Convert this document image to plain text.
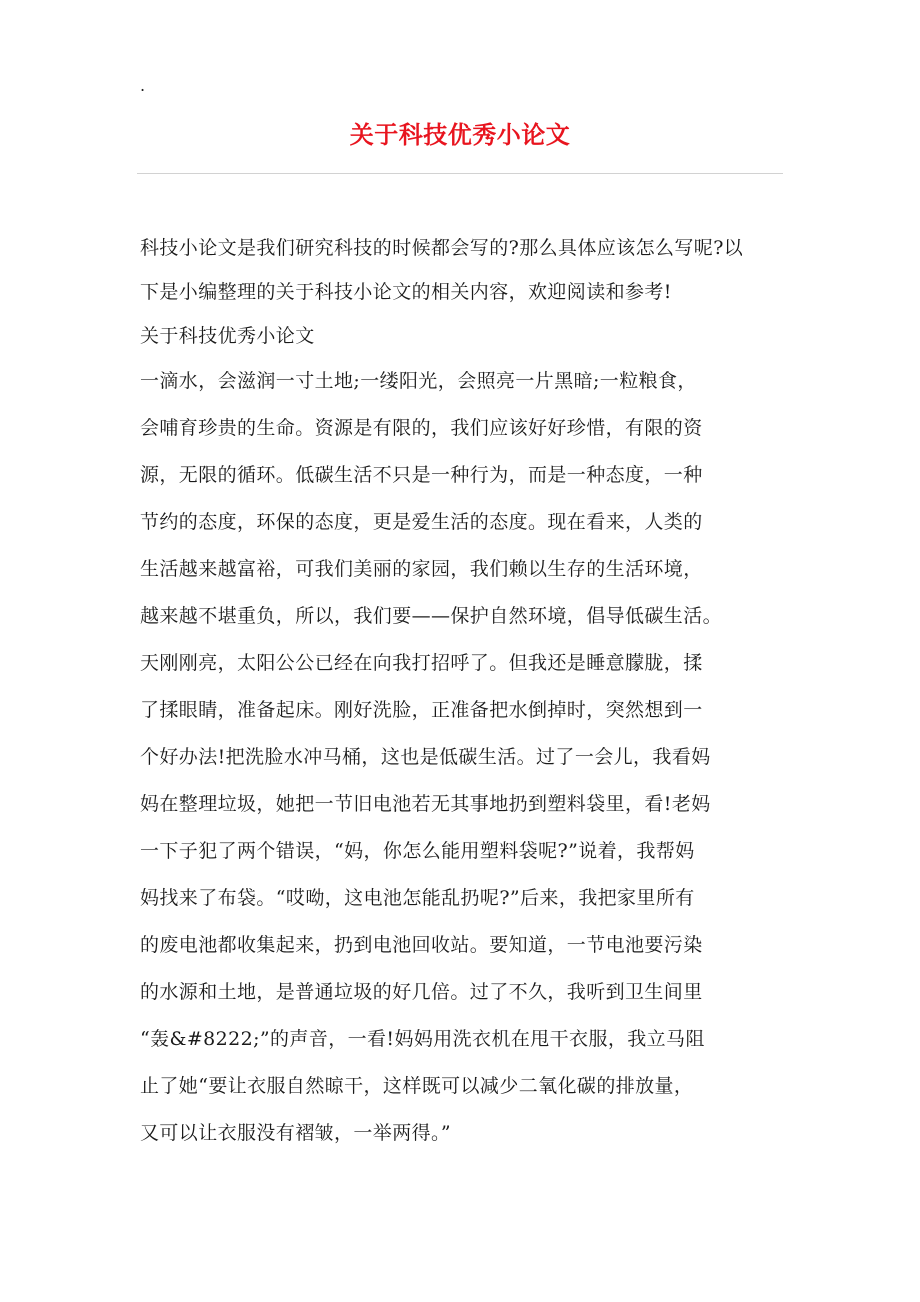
.
关于科技优秀小论文
科技小论文是我们研究科技的时候都会写的?那么具体应该怎么写呢?以
下是小编整理的关于科技小论文的相关内容，欢迎阅读和参考!
关于科技优秀小论文
一滴水，会滋润一寸土地;一缕阳光，会照亮一片黑暗;一粒粮食，
会哺育珍贵的生命。资源是有限的，我们应该好好珍惜，有限的资
源，无限的循环。低碳生活不只是一种行为，而是一种态度，一种
节约的态度，环保的态度，更是爱生活的态度。现在看来，人类的
生活越来越富裕，可我们美丽的家园，我们赖以生存的生活环境，
越来越不堪重负，所以，我们要——保护自然环境，倡导低碳生活。
天刚刚亮，太阳公公已经在向我打招呼了。但我还是睡意朦胧，揉
了揉眼睛，准备起床。刚好洗脸，正准备把水倒掉时，突然想到一
个好办法!把洗脸水冲马桶，这也是低碳生活。过了一会儿，我看妈
妈在整理垃圾，她把一节旧电池若无其事地扔到塑料袋里，看!老妈
一下子犯了两个错误，“妈，你怎么能用塑料袋呢?”说着，我帮妈
妈找来了布袋。“哎呦，这电池怎能乱扔呢?”后来，我把家里所有
的废电池都收集起来，扔到电池回收站。要知道，一节电池要污染
的水源和土地，是普通垃圾的好几倍。过了不久，我听到卫生间里
“轰&#8222;”的声音，一看!妈妈用洗衣机在甩干衣服，我立马阻
止了她“要让衣服自然晾干，这样既可以减少二氧化碳的排放量，
又可以让衣服没有褶皱，一举两得。”
